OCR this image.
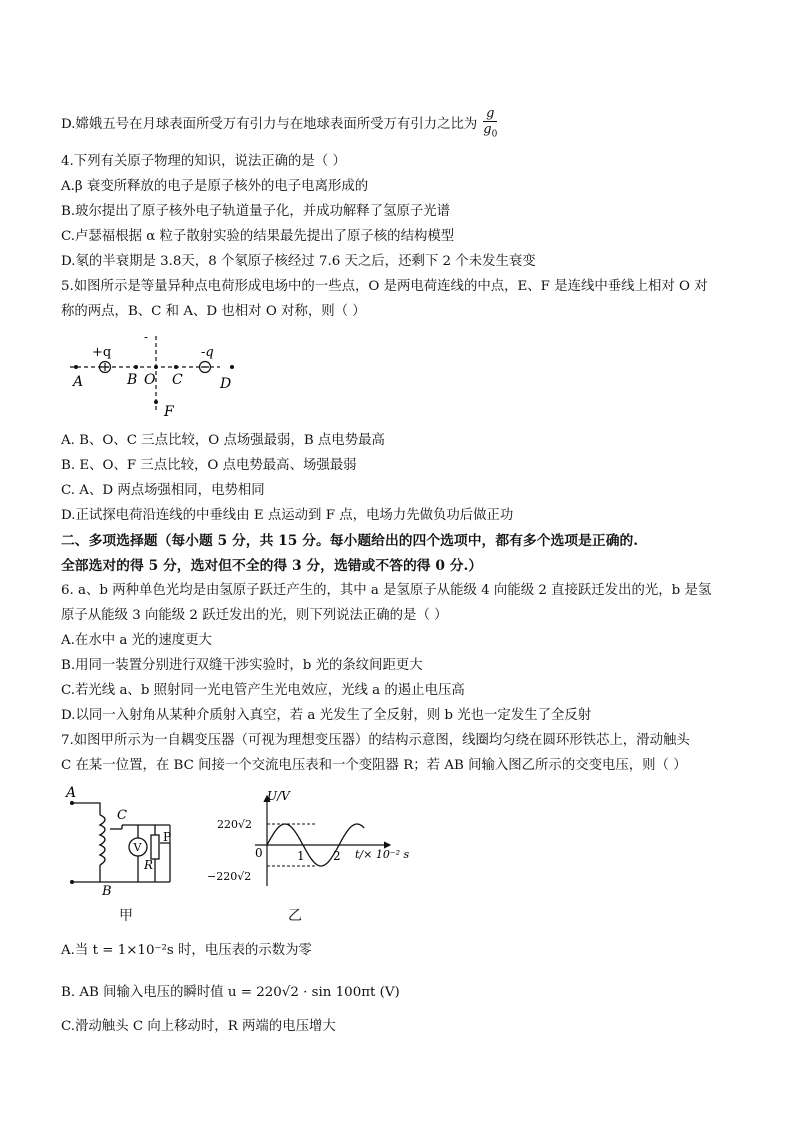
D.嫦娥五号在月球表面所受万有引力与在地球表面所受万有引力之比为 $\frac{g}{g_0}$
4.下列有关原子物理的知识，说法正确的是（ ）
A.β 衰变所释放的电子是原子核外的电子电离形成的
B.玻尔提出了原子核外电子轨道量子化，并成功解释了氢原子光谱
C.卢瑟福根据 α 粒子散射实验的结果最先提出了原子核的结构模型
D.氡的半衰期是 3.8天，8 个氡原子核经过 7.6 天之后，还剩下 2 个未发生衰变
5.如图所示是等量异种点电荷形成电场中的一些点，O 是两电荷连线的中点，E、F 是连线中垂线上相对 O 对
称的两点，B、C 和 A、D 也相对 O 对称，则（ ）
-
+q	-q
A	B O C	D
F
A. B、O、C 三点比较，O 点场强最弱，B 点电势最高
B. E、O、F 三点比较，O 点电势最高、场强最弱
C. A、D 两点场强相同，电势相同
D.正试探电荷沿连线的中垂线由 E 点运动到 F 点，电场力先做负功后做正功
二、多项选择题（每小题 5 分，共 15 分。每小题给出的四个选项中，都有多个选项是正确的.
全部选对的得 5 分，选对但不全的得 3 分，选错或不答的得 0 分.）
6. a、b 两种单色光均是由氢原子跃迁产生的，其中 a 是氢原子从能级 4 向能级 2 直接跃迁发出的光，b 是氢
原子从能级 3 向能级 2 跃迁发出的光，则下列说法正确的是（ ）
A.在水中 a 光的速度更大
B.用同一装置分别进行双缝干涉实验时，b 光的条纹间距更大
C.若光线 a、b 照射同一光电管产生光电效应，光线 a 的遏止电压高
D.以同一入射角从某种介质射入真空，若 a 光发生了全反射，则 b 光也一定发生了全反射
7.如图甲所示为一自耦变压器（可视为理想变压器）的结构示意图，线圈均匀绕在圆环形铁芯上，滑动触头
C 在某一位置，在 BC 间接一个交流电压表和一个变阻器 R；若 AB 间输入图乙所示的交变电压，则（ ）
A
C
P
R
V
B
甲
U/V
220√2
−220√2
0	1 2 t/× 10⁻² s
乙
A.当 t = 1×10⁻²s 时，电压表的示数为零
B. AB 间输入电压的瞬时值 u = 220√2 · sin 100πt (V)
C.滑动触头 C 向上移动时，R 两端的电压增大
